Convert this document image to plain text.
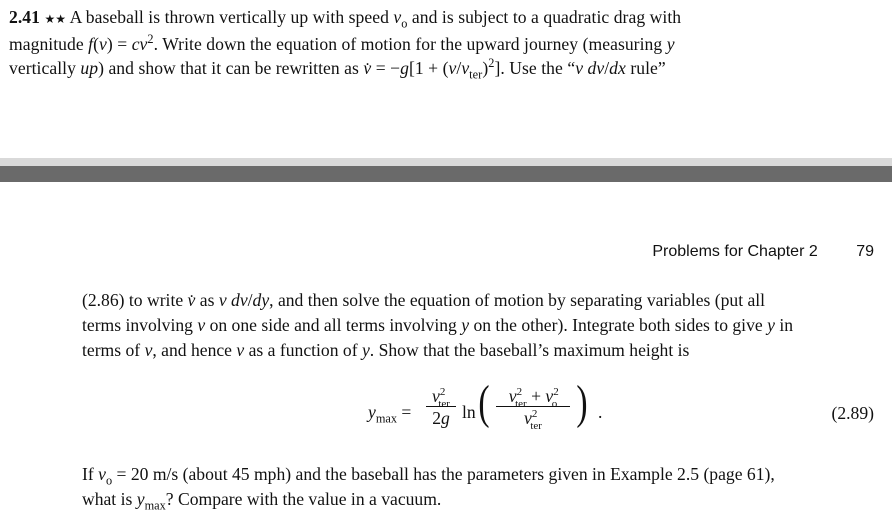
2.41 ★★ A baseball is thrown vertically up with speed $v_o$ and is subject to a quadratic drag with
magnitude $f(v) = cv^2$. Write down the equation of motion for the upward journey (measuring y
vertically up) and show that it can be rewritten as v̇ = $-g[1 + (v/v_{ter})^2]$. Use the “v dv/dx rule”
Problems for Chapter 2 79
(2.86) to write v̇ as v dv/dy, and then solve the equation of motion by separating variables (put all
terms involving v on one side and all terms involving y on the other). Integrate both sides to give y in
terms of v, and hence v as a function of y. Show that the baseball’s maximum height is
$y_{max}$ =
$v^2_{ter}$
2g ln (	$v^2_{ter} + v^2_o$
$v^2_{ter}$ ) .	(2.89)
If $v_o = 20$ m/s (about 45 mph) and the baseball has the parameters given in Example 2.5 (page 61),
what is $y_{max}$? Compare with the value in a vacuum.
